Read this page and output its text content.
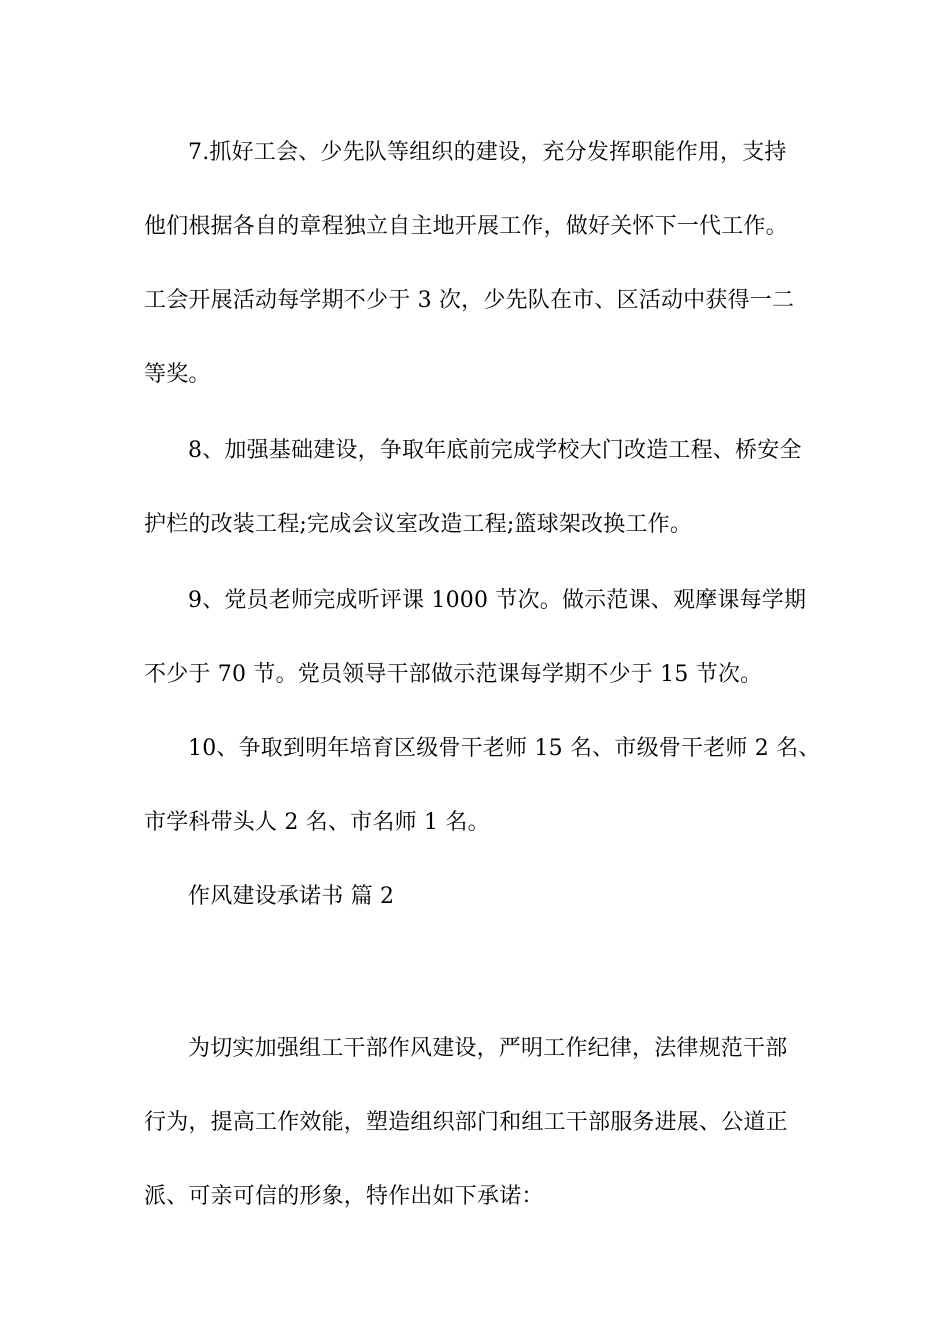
7.抓好工会、少先队等组织的建设，充分发挥职能作用，支持
他们根据各自的章程独立自主地开展工作，做好关怀下一代工作。
工会开展活动每学期不少于 3 次，少先队在市、区活动中获得一二
等奖。
8、加强基础建设，争取年底前完成学校大门改造工程、桥安全
护栏的改装工程;完成会议室改造工程;篮球架改换工作。
9、党员老师完成听评课 1000 节次。做示范课、观摩课每学期
不少于 70 节。党员领导干部做示范课每学期不少于 15 节次。
10、争取到明年培育区级骨干老师 15 名、市级骨干老师 2 名、
市学科带头人 2 名、市名师 1 名。
作风建设承诺书 篇 2
为切实加强组工干部作风建设，严明工作纪律，法律规范干部
行为，提高工作效能，塑造组织部门和组工干部服务进展、公道正
派、可亲可信的形象，特作出如下承诺：
